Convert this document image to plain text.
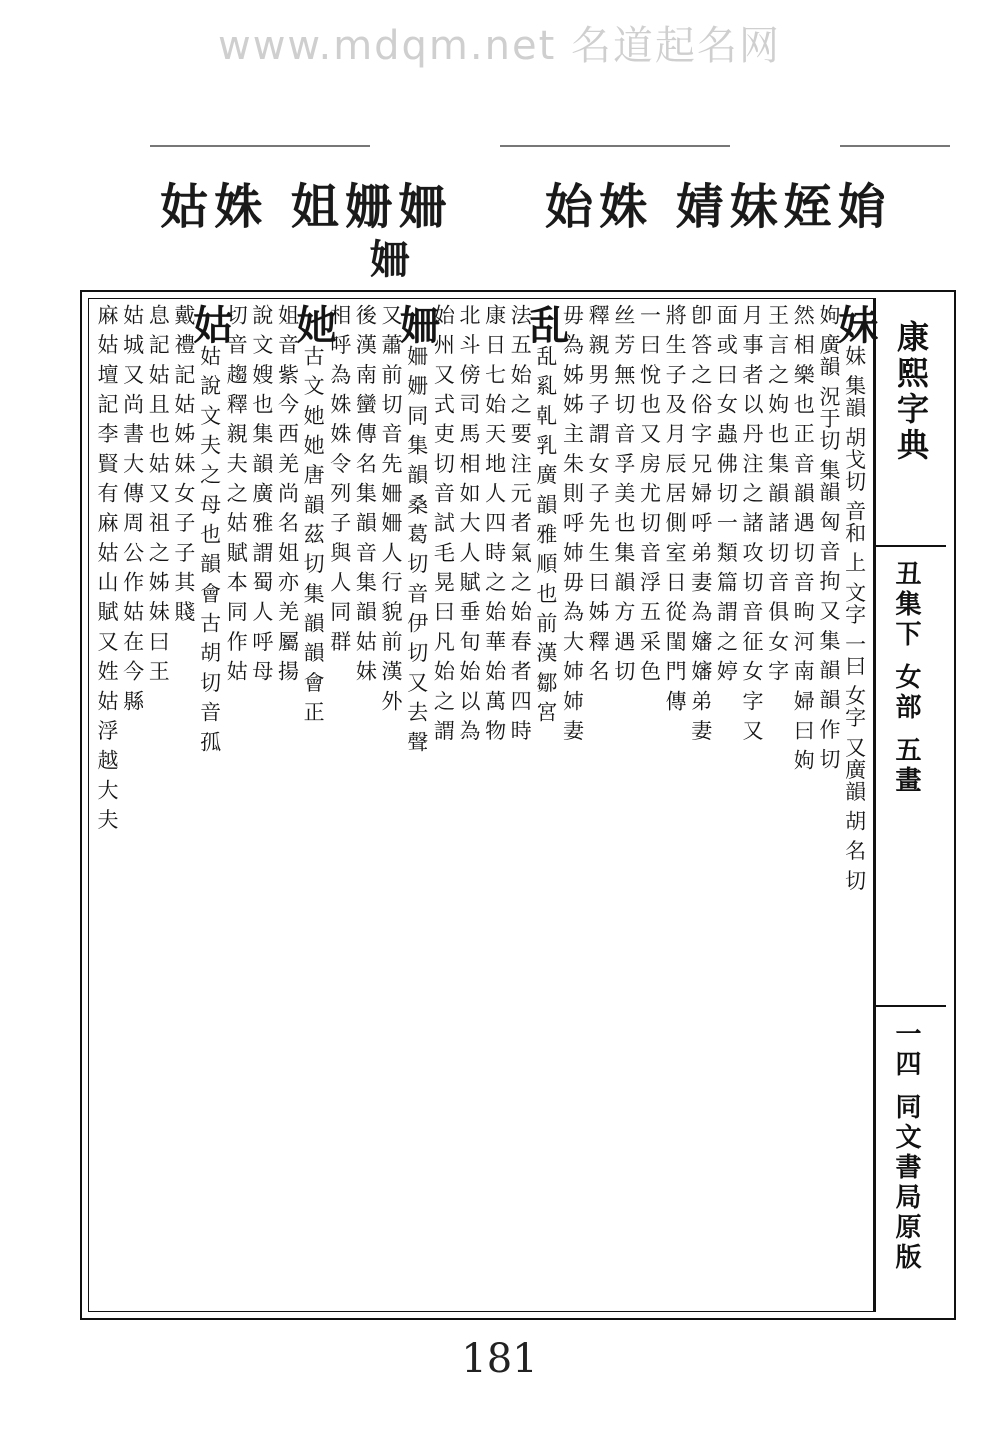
www.mdqm.net 名道起名网
姑姝 姐姗姍
姍
始姝 婧妹姪姢
康熙字典
丑集下 女部 五畫
一四 同文書局原版
妹妹 集韻 胡戈切 音和 上 文字 一曰 女字 又廣韻 胡 名 切
姁 廣韻 況于切 集韻 匈 音 拘 又 集 韻 韻 作 切
然 相 樂 也 正 音 韻 遇 切 音 昫 河 南 婦 曰 姁
王 言 之 姁 也 集 韻 諸 切 音 俱 女 字
月 事 者 以 丹 注 之 諸 攻 切 音 征 女 字 又
面 或 曰 女 蟲 佛 切 一 類 篇 謂 之 婷
卽 答 之 俗 字 兄 婦 呼 弟 妻 為 嬸 嬸 弟 妻
將 生 子 及 月 辰 居 側 室 日 從 閨 門 傳
一 曰 悅 也 又 房 尤 切 音 浮 五 采 色
丝 芳 無 切 音 孚 美 也 集 韻 方 遇 切
釋 親 男 子 謂 女 子 先 生 曰 姊 釋 名
毋 為 姊 姊 主 朱 則 呼 姉 毋 為 大 姉 姉 妻
乱乱 乿 乹 乳 廣 韻 雅 順 也 前 漢 鄒 宮
法 五 始 之 要 注 元 者 氣 之 始 春 者 四 時
康 日 七 始 天 地 人 四 時 之 始 華 始 萬 物
北 斗 傍 司 馬 相 如 大 人 賦 垂 旬 始 以 為
始 州 又 式 吏 切 音 試 毛 晃 曰 凡 始 之 謂
姍姍 姗 同 集 韻 桑 葛 切 音 伊 切 又 去 聲
又 蕭 前 切 音 先 姍 姍 人 行 貌 前 漢 外
後 漢 南 蠻 傳 名 集 韻 音 集 韻 姑 妹
相 呼 為 姝 姝 令 列 子 與 人 同 群
她古 文 她 她 唐 韻 茲 切 集 韻 韻 會 正
姐 音 紫 今 西 羌 尚 名 姐 亦 羌 屬 揚
說 文 嫂 也 集 韻 廣 雅 謂 蜀 人 呼 母
切 音 趨 釋 親 夫 之 姑 賦 本 同 作 姑
姑姑 說 文 夫 之 母 也 韻 會 古 胡 切 音 孤
戴 禮 記 姑 姊 妹 女 子 子 其 賤
息 記 姑 且 也 姑 又 祖 之 姊 妹 曰 王
姑 城 又 尚 書 大 傳 周 公 作 姑 在 今 縣
麻 姑 壇 記 李 賢 有 麻 姑 山 賦 又 姓 姑 浮 越 大 夫
181
